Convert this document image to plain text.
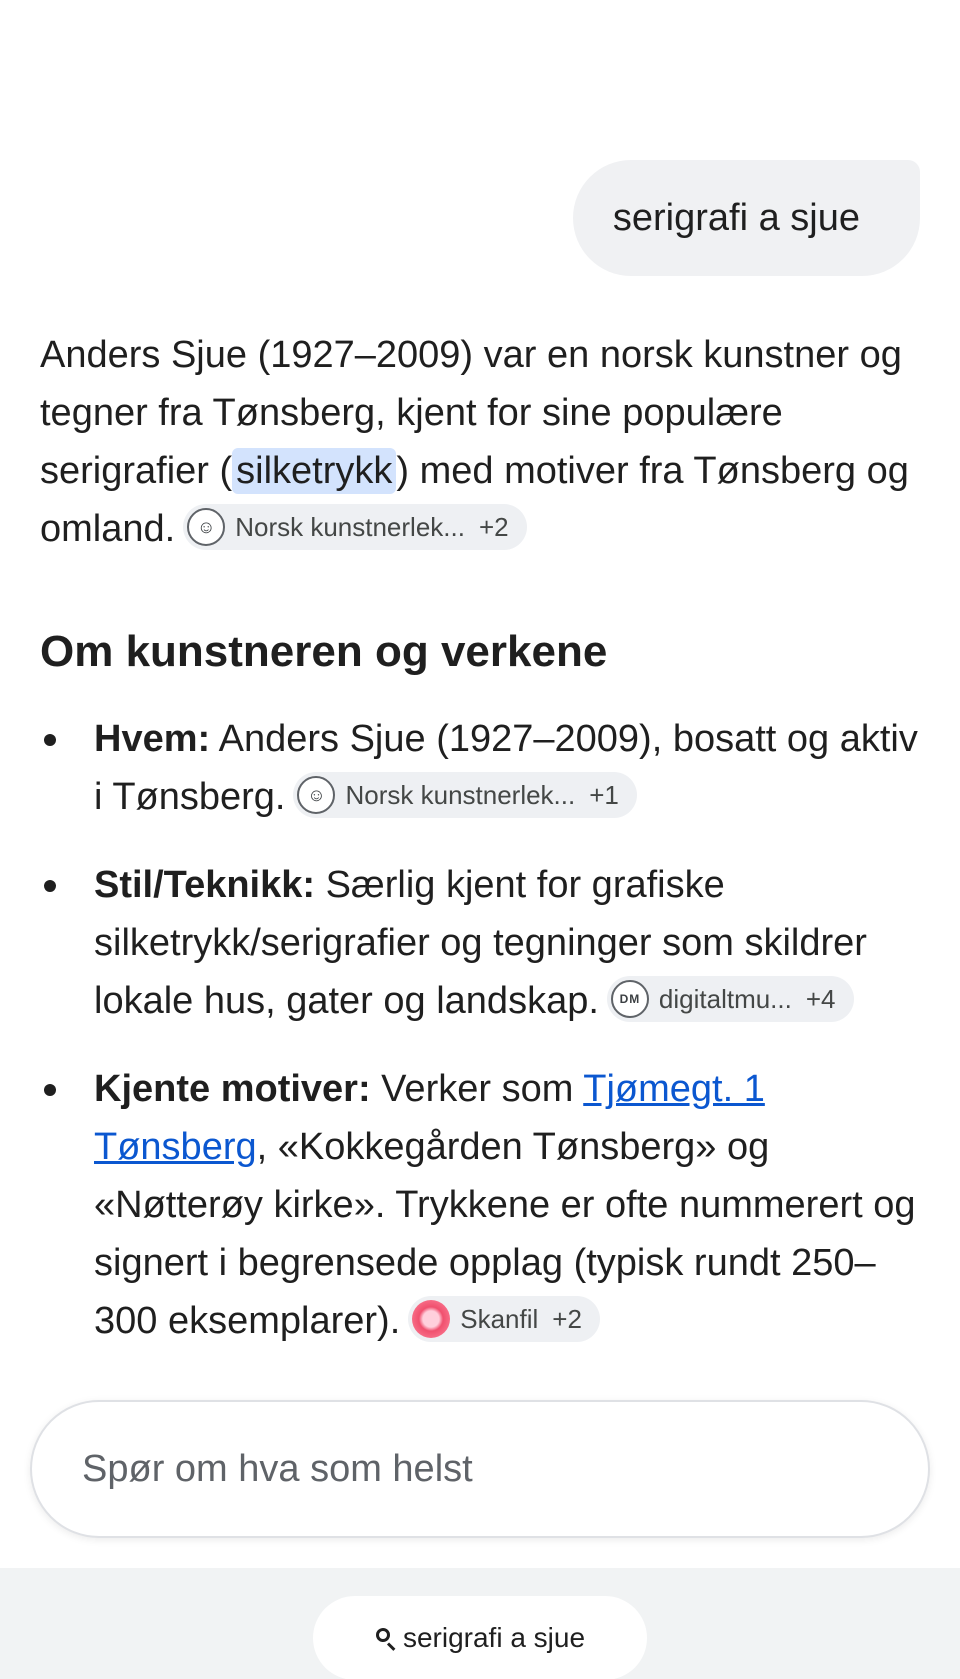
serigrafi a sjue

Anders Sjue (1927–2009) var en norsk kunstner og tegner fra Tønsberg, kjent for sine populære serigrafier ( silketrykk ) med motiver fra Tønsberg og omland.	☺ Norsk kunstnerlek... +2

Om kunstneren og verkene
Hvem: Anders Sjue (1927–2009), bosatt og aktiv i Tønsberg.	☺ Norsk kunstnerlek... +1
Stil/Teknikk: Særlig kjent for grafiske silketrykk/serigrafier og tegninger som skildrer lokale hus, gater og landskap.	DM digitaltmu... +4
Kjente motiver: Verker som Tjømegt. 1 Tønsberg, «Kokkegården Tønsberg» og «Nøtterøy kirke». Trykkene er ofte nummerert og signert i begrensede opplag (typisk rundt 250–300 eksemplarer). Skanfil +2
Spør om hva som helst
serigrafi a sjue
